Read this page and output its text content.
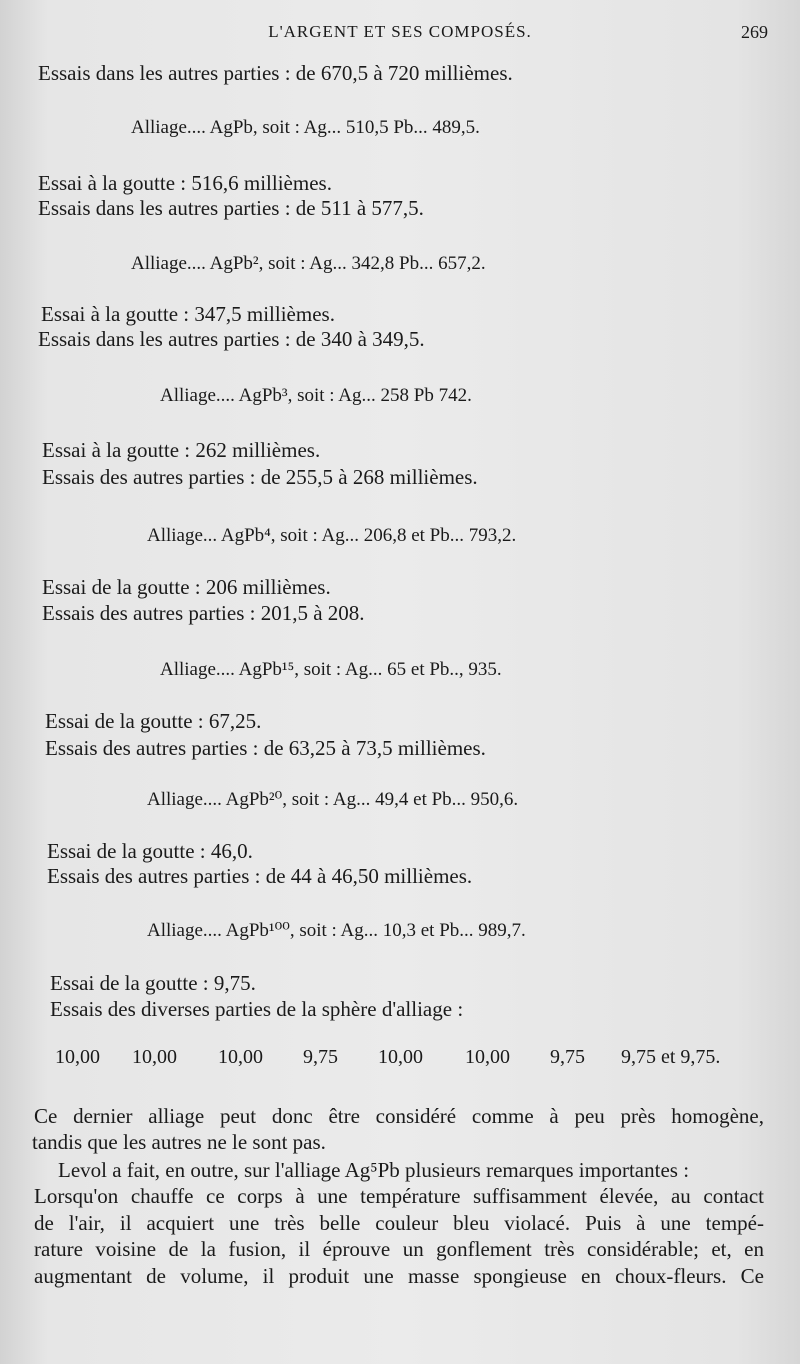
L'ARGENT ET SES COMPOSÉS.	269
Essais dans les autres parties : de 670,5 à 720 millièmes.
Alliage.... AgPb, soit : Ag... 510,5 Pb... 489,5.
Essai à la goutte : 516,6 millièmes.
Essais dans les autres parties : de 511 à 577,5.
Alliage.... AgPb², soit : Ag... 342,8 Pb... 657,2.
Essai à la goutte : 347,5 millièmes.
Essais dans les autres parties : de 340 à 349,5.
Alliage.... AgPb³, soit : Ag... 258 Pb 742.
Essai à la goutte : 262 millièmes.
Essais des autres parties : de 255,5 à 268 millièmes.
Alliage... AgPb⁴, soit : Ag... 206,8 et Pb... 793,2.
Essai de la goutte : 206 millièmes.
Essais des autres parties : 201,5 à 208.
Alliage.... AgPb¹⁵, soit : Ag... 65 et Pb.., 935.
Essai de la goutte : 67,25.
Essais des autres parties : de 63,25 à 73,5 millièmes.
Alliage.... AgPb²⁰, soit : Ag... 49,4 et Pb... 950,6.
Essai de la goutte : 46,0.
Essais des autres parties : de 44 à 46,50 millièmes.
Alliage.... AgPb¹⁰⁰, soit : Ag... 10,3 et Pb... 989,7.
Essai de la goutte : 9,75.
Essais des diverses parties de la sphère d'alliage :
10,00 10,00 10,00 9,75 10,00 10,00 9,75 9,75 et 9,75.
Ce dernier alliage peut donc être considéré comme à peu près homogène,
tandis que les autres ne le sont pas.
Levol a fait, en outre, sur l'alliage Ag⁵Pb plusieurs remarques importantes :
Lorsqu'on chauffe ce corps à une température suffisamment élevée, au contact
de l'air, il acquiert une très belle couleur bleu violacé. Puis à une tempé-
rature voisine de la fusion, il éprouve un gonflement très considérable; et, en
augmentant de volume, il produit une masse spongieuse en choux-fleurs. Ce
